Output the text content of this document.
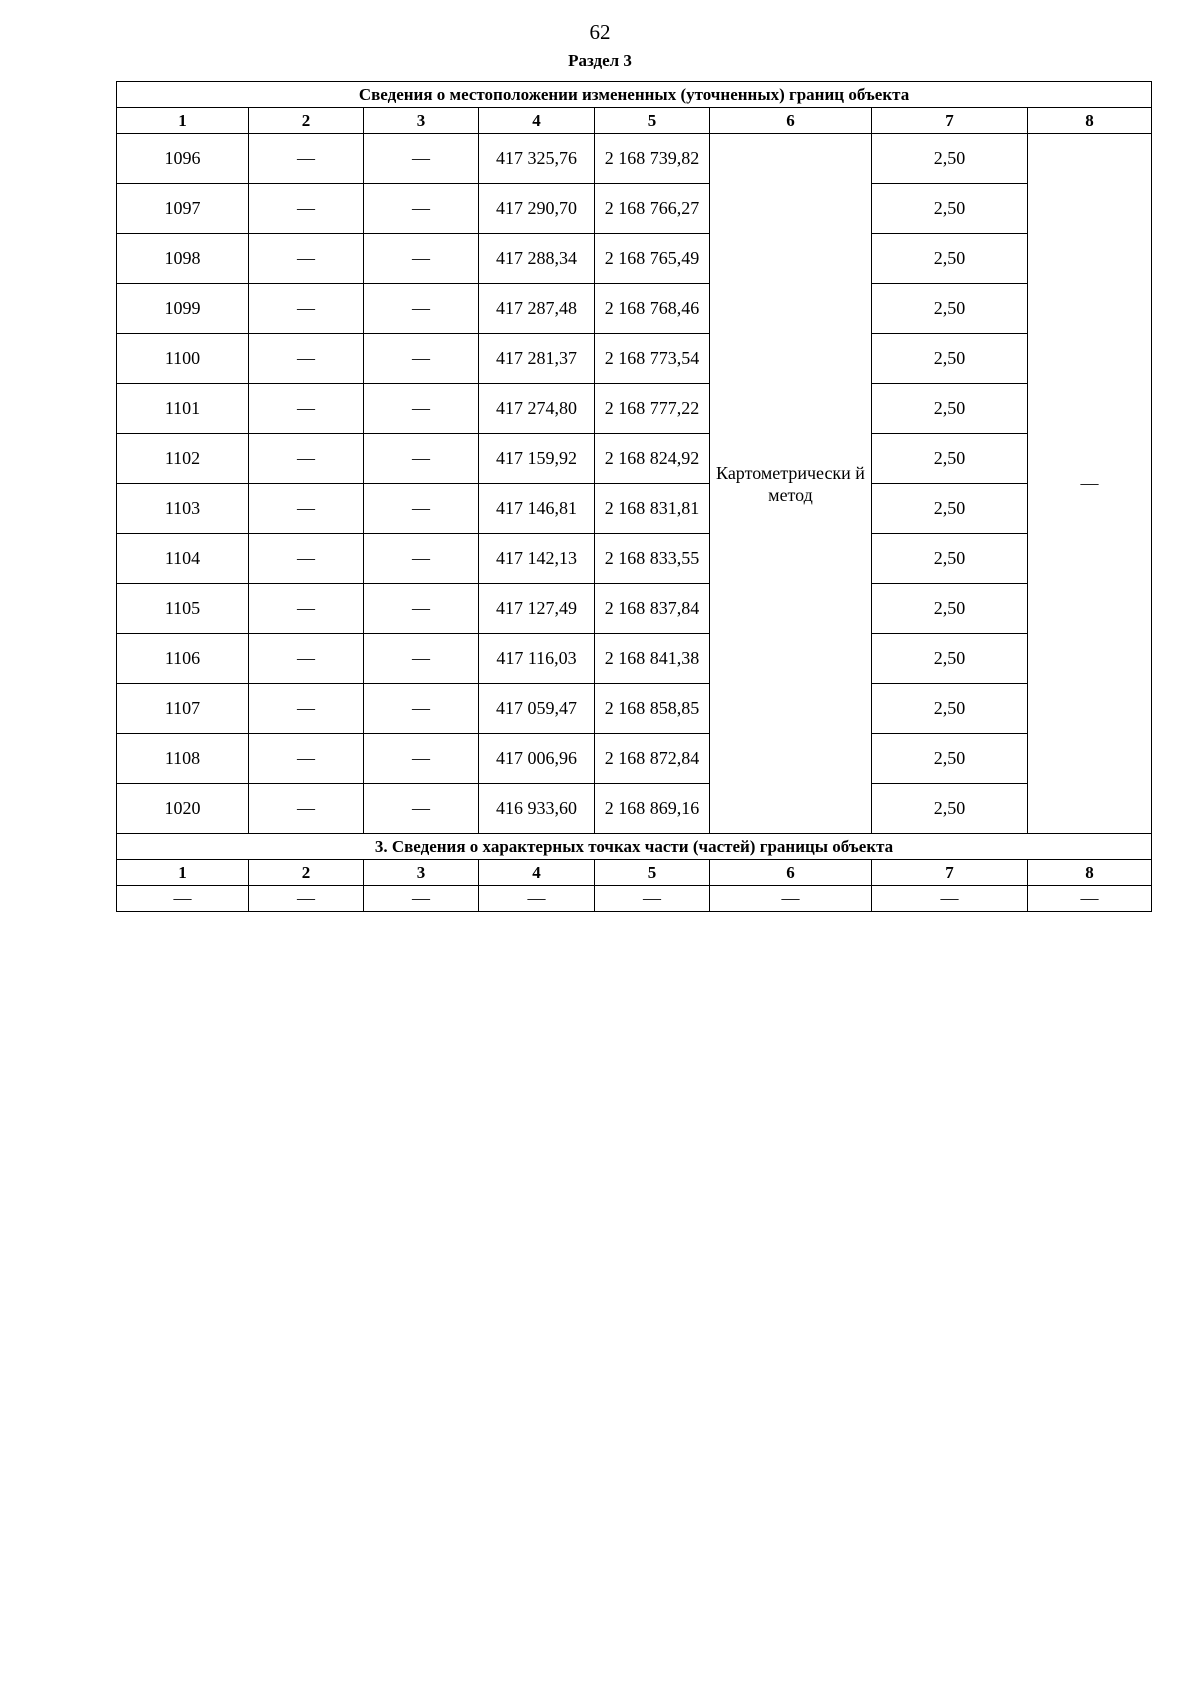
62
Раздел 3
Сведения о местоположении измененных (уточненных) границ объекта							
1	2	3	4	5	6	7	8
1096	—	—	417 325,76	2 168 739,82	Картометрически й метод	2,50	—
1097	—	—	417 290,70	2 168 766,27		2,50	
1098	—	—	417 288,34	2 168 765,49		2,50	
1099	—	—	417 287,48	2 168 768,46		2,50	
1100	—	—	417 281,37	2 168 773,54		2,50	
1101	—	—	417 274,80	2 168 777,22		2,50	
1102	—	—	417 159,92	2 168 824,92		2,50	
1103	—	—	417 146,81	2 168 831,81		2,50	
1104	—	—	417 142,13	2 168 833,55		2,50	
1105	—	—	417 127,49	2 168 837,84		2,50	
1106	—	—	417 116,03	2 168 841,38		2,50	
1107	—	—	417 059,47	2 168 858,85		2,50	
1108	—	—	417 006,96	2 168 872,84		2,50	
1020	—	—	416 933,60	2 168 869,16		2,50	
3. Сведения о характерных точках части (частей) границы объекта							
1	2	3	4	5	6	7	8
—	—	—	—	—	—	—	—
